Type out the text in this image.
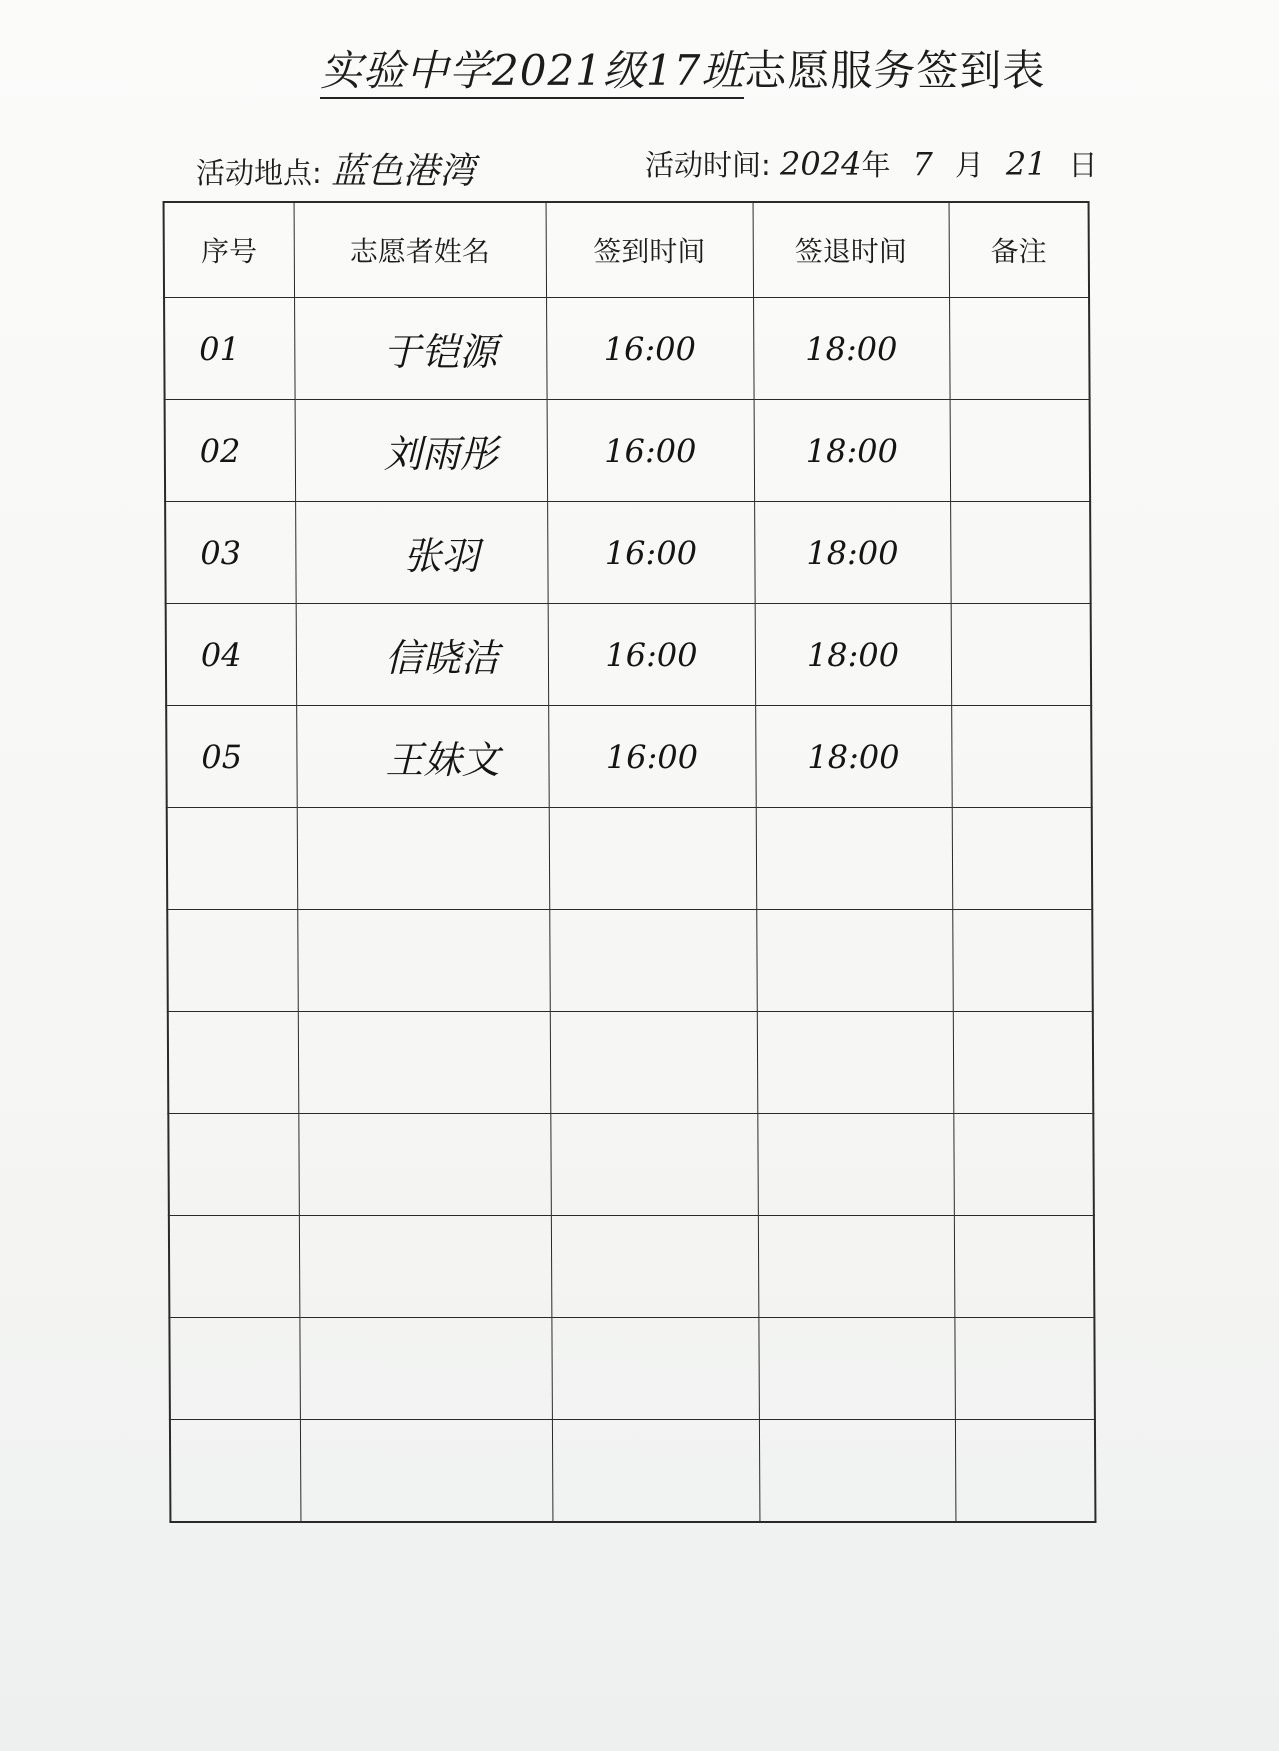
实验中学2021级17班志愿服务签到表
活动地点: 蓝色港湾	活动时间: 2024年 7 月 21 日
序号	志愿者姓名	签到时间	签退时间	备注
01	于铠源	16:00	18:00	
02	刘雨彤	16:00	18:00	
03	张羽	16:00	18:00	
04	信晓洁	16:00	18:00	
05	王妹文	16:00	18:00	
